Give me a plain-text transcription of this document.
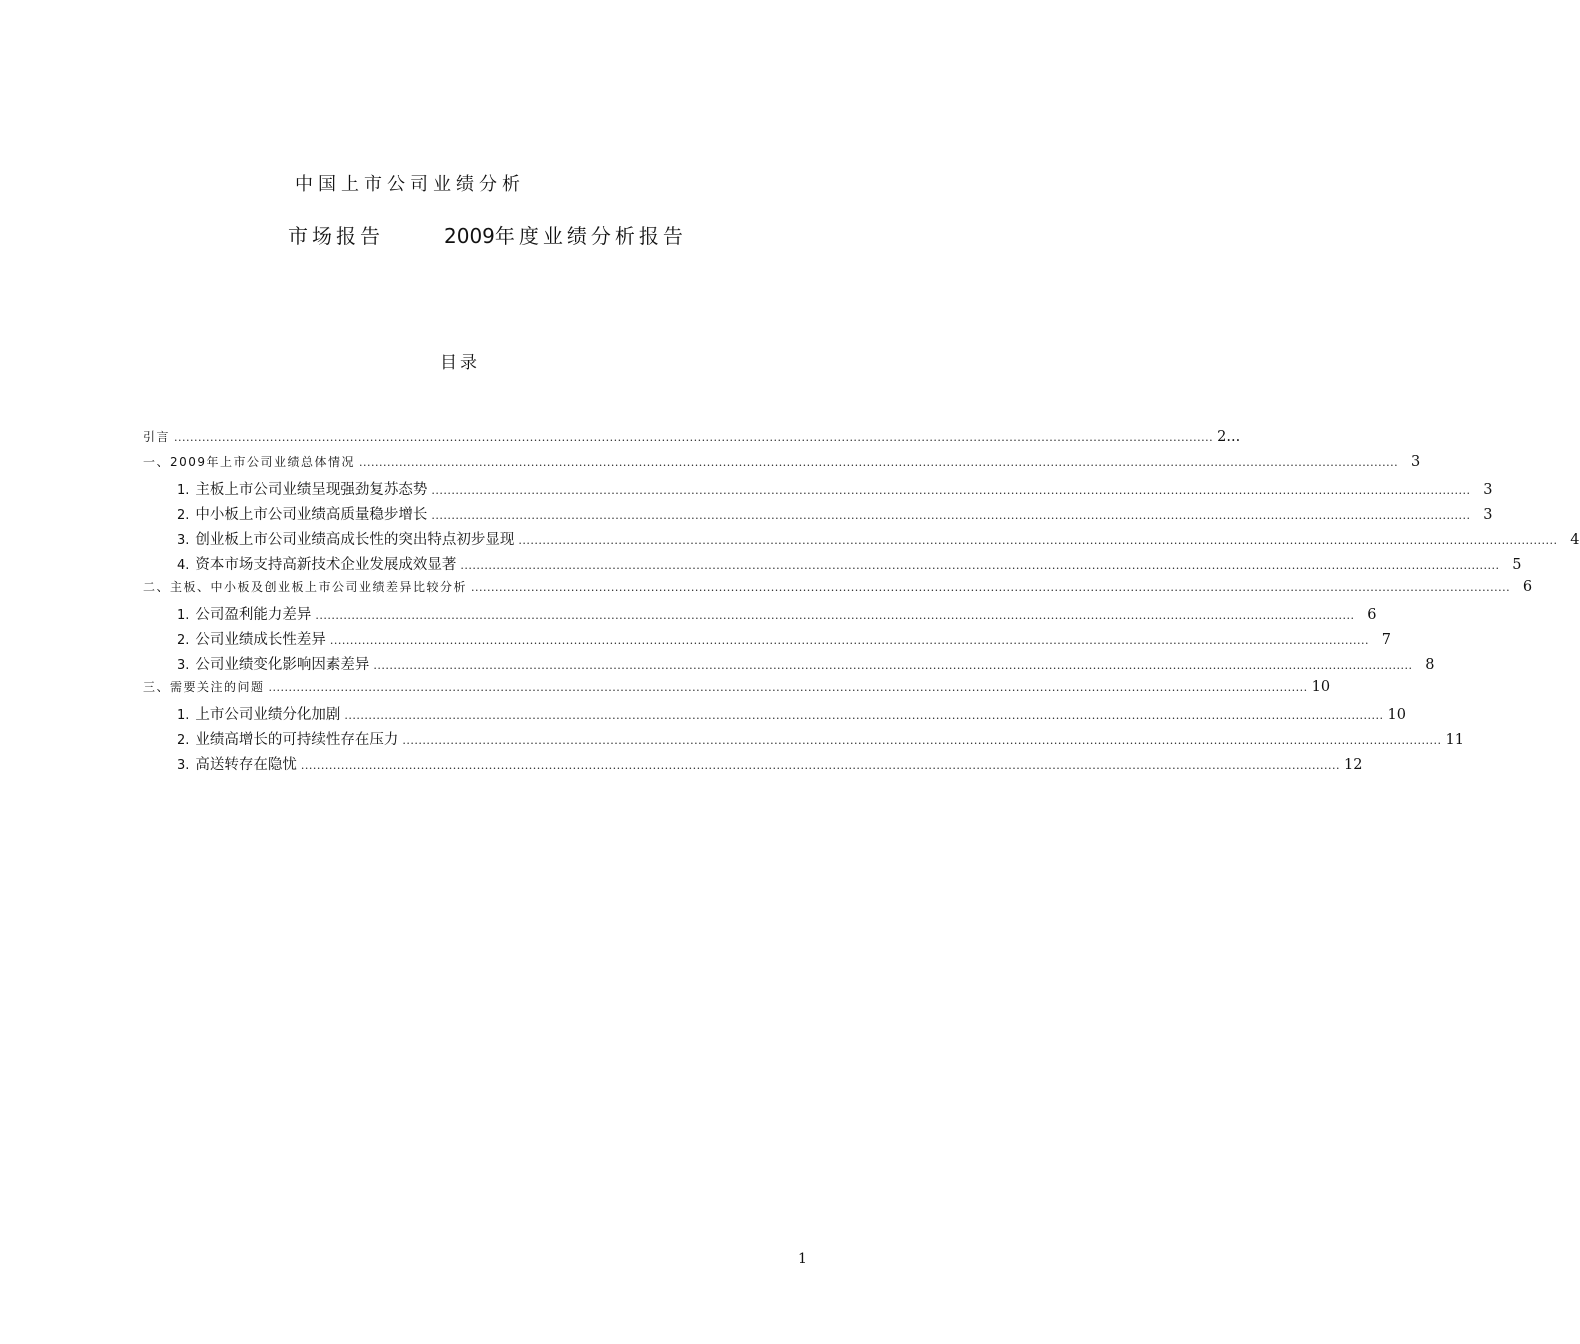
中国上市公司业绩分析
市场报告	2009年度业绩分析报告
目录
引言 .................................................................................................................................................................................................................................................................... 2...
一、2009年上市公司业绩总体情况 .................................................................................................................................................................................................................................................................... 3
1. 主板上市公司业绩呈现强劲复苏态势 .................................................................................................................................................................................................................................................................... 3
2. 中小板上市公司业绩高质量稳步增长 .................................................................................................................................................................................................................................................................... 3
3. 创业板上市公司业绩高成长性的突出特点初步显现 .................................................................................................................................................................................................................................................................... 4
4. 资本市场支持高新技术企业发展成效显著 .................................................................................................................................................................................................................................................................... 5
二、主板、中小板及创业板上市公司业绩差异比较分析 .................................................................................................................................................................................................................................................................... 6
1. 公司盈利能力差异 .................................................................................................................................................................................................................................................................... 6
2. 公司业绩成长性差异 .................................................................................................................................................................................................................................................................... 7
3. 公司业绩变化影响因素差异 .................................................................................................................................................................................................................................................................... 8
三、需要关注的问题 .................................................................................................................................................................................................................................................................... 10
1. 上市公司业绩分化加剧 .................................................................................................................................................................................................................................................................... 10
2. 业绩高增长的可持续性存在压力 .................................................................................................................................................................................................................................................................... 11
3. 高送转存在隐忧 .................................................................................................................................................................................................................................................................... 12
1
